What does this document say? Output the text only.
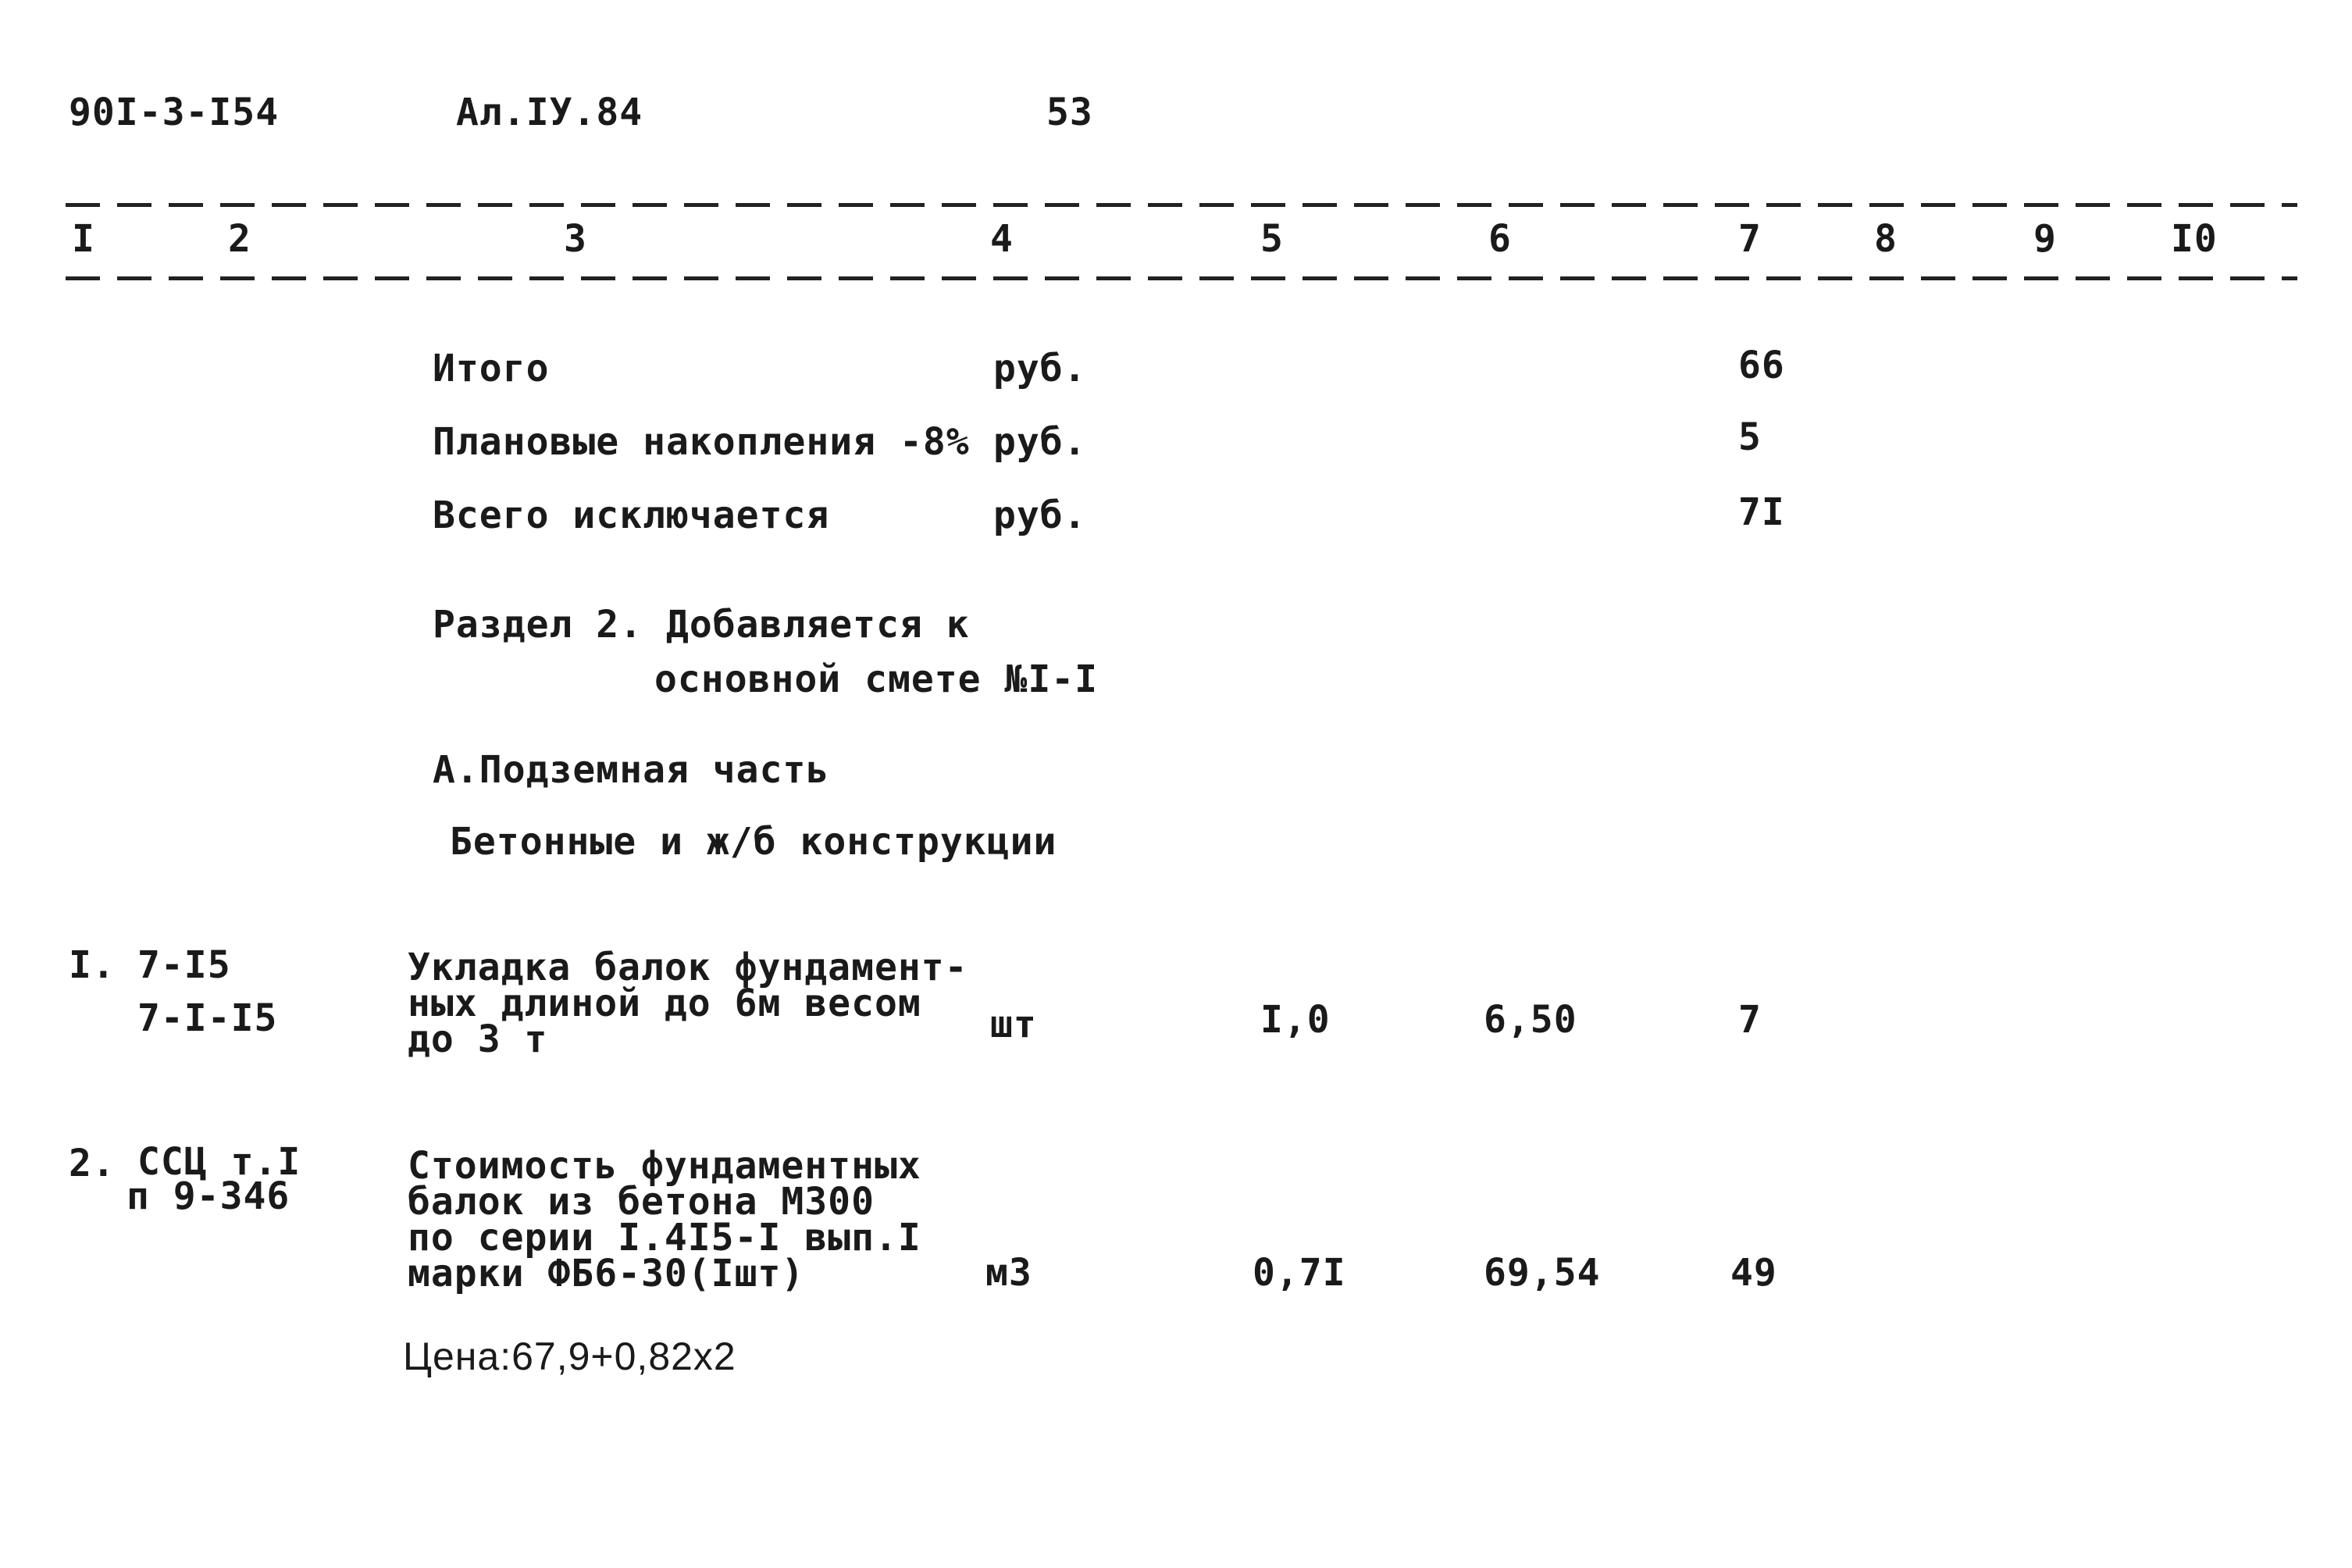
90I-3-I54	Ал.IУ.84	53
I	2	3	4	5	6	7	8	9	I0
Итого	руб.	66
Плановые накопления -8% руб.	5
Всего исключается	руб.	7I
Раздел 2. Добавляется к
основной смете №I-I
А.Подземная часть
Бетонные и ж/б конструкции
I. 7-I5
7-I-I5
Укладка балок фундамент-
ных длиной до 6м весом
до 3 т	шт	I,0	6,50	7
2. ССЦ т.I
п 9-346
Стоимость фундаментных
балок из бетона М300
по серии I.4I5-I вып.I
марки ФБ6-30(Iшт)	м3	0,7I	69,54	49
Цена:67,9+0,82х2
